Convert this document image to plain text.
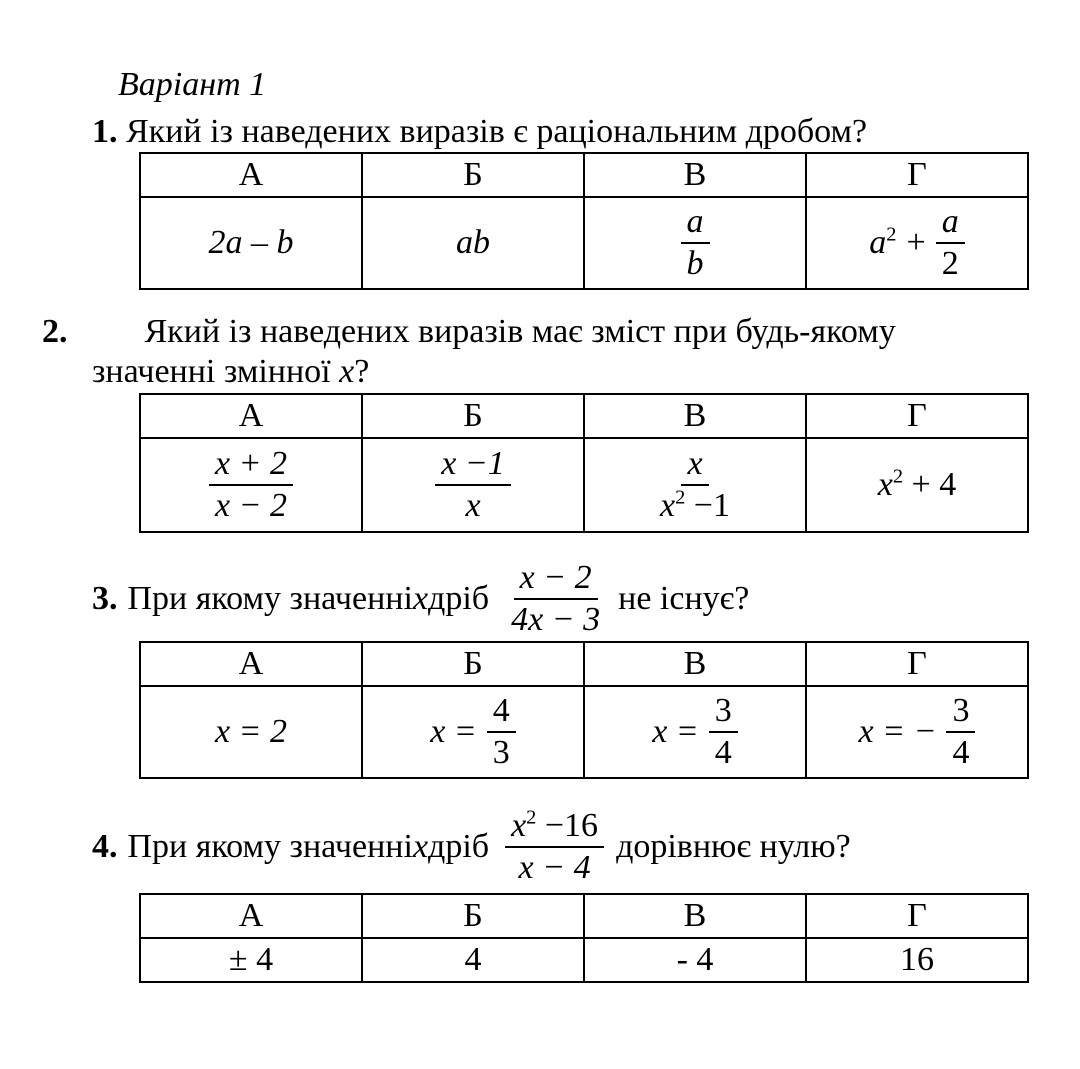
Варіант 1
1. Який із наведених виразів є раціональним дробом?
А	Б	В	Г
2a – b	ab	$\frac{a}{b}$	$a^2 + \frac{a}{2}$
2. Який із наведених виразів має зміст при будь-якому
значенні змінної x?
А	Б	В	Г

$\frac{x + 2}{x - 2}$	$\frac{x -1}{x}$	$\frac{x}{x^2 -1}$	$x^2 + 4$
3. При якому значенні x дріб $\frac{x - 2}{4x - 3}$ не існує?
А	Б	В	Г
x = 2	$x = \frac{4}{3}$	$x = \frac{3}{4}$	x = − $\frac{3}{4}$
4. При якому значенні x дріб $\frac{x^2 -16}{x - 4}$ дорівнює нулю?
А	Б	В	Г
± 4	4	- 4	16
